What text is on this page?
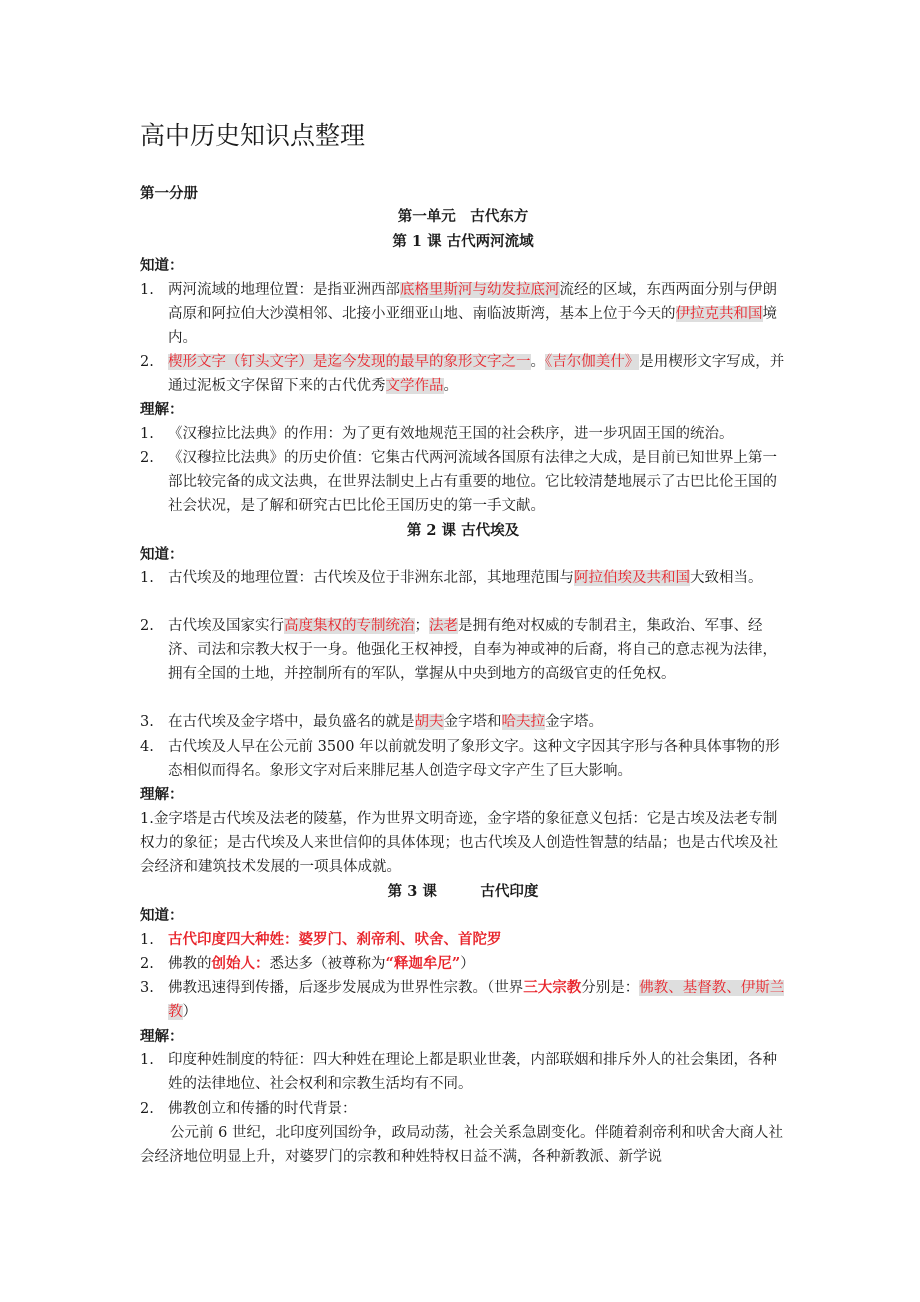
高中历史知识点整理
第一分册
第一单元　古代东方
第 1 课 古代两河流域
知道：
1. 两河流域的地理位置：是指亚洲西部底格里斯河与幼发拉底河流经的区域，东西两面分别与伊朗高原和阿拉伯大沙漠相邻、北接小亚细亚山地、南临波斯湾，基本上位于今天的伊拉克共和国境内。
2. 楔形文字（钉头文字）是迄今发现的最早的象形文字之一。《吉尔伽美什》是用楔形文字写成，并通过泥板文字保留下来的古代优秀文学作品。
理解：
1. 《汉穆拉比法典》的作用：为了更有效地规范王国的社会秩序，进一步巩固王国的统治。
2. 《汉穆拉比法典》的历史价值：它集古代两河流域各国原有法律之大成，是目前已知世界上第一部比较完备的成文法典，在世界法制史上占有重要的地位。它比较清楚地展示了古巴比伦王国的社会状况，是了解和研究古巴比伦王国历史的第一手文献。
第 2 课 古代埃及
知道：
1. 古代埃及的地理位置：古代埃及位于非洲东北部，其地理范围与阿拉伯埃及共和国大致相当。
2. 古代埃及国家实行高度集权的专制统治；法老是拥有绝对权威的专制君主，集政治、军事、经济、司法和宗教大权于一身。他强化王权神授，自奉为神或神的后裔，将自己的意志视为法律，拥有全国的土地，并控制所有的军队，掌握从中央到地方的高级官吏的任免权。
3. 在古代埃及金字塔中，最负盛名的就是胡夫金字塔和哈夫拉金字塔。
4. 古代埃及人早在公元前 3500 年以前就发明了象形文字。这种文字因其字形与各种具体事物的形态相似而得名。象形文字对后来腓尼基人创造字母文字产生了巨大影响。
理解：
1.金字塔是古代埃及法老的陵墓，作为世界文明奇迹，金字塔的象征意义包括：它是古埃及法老专制权力的象征；是古代埃及人来世信仰的具体体现；也古代埃及人创造性智慧的结晶；也是古代埃及社会经济和建筑技术发展的一项具体成就。
第 3 课　　　古代印度
知道：
1. 古代印度四大种姓：婆罗门、刹帝利、吠舍、首陀罗
2. 佛教的创始人：悉达多（被尊称为“释迦牟尼”）
3. 佛教迅速得到传播，后逐步发展成为世界性宗教。（世界三大宗教分别是：佛教、基督教、伊斯兰教）
理解：
1. 印度种姓制度的特征：四大种姓在理论上都是职业世袭，内部联姻和排斥外人的社会集团，各种姓的法律地位、社会权利和宗教生活均有不同。
2. 佛教创立和传播的时代背景：
公元前 6 世纪，北印度列国纷争，政局动荡，社会关系急剧变化。伴随着刹帝利和吠舍大商人社会经济地位明显上升，对婆罗门的宗教和种姓特权日益不满，各种新教派、新学说
